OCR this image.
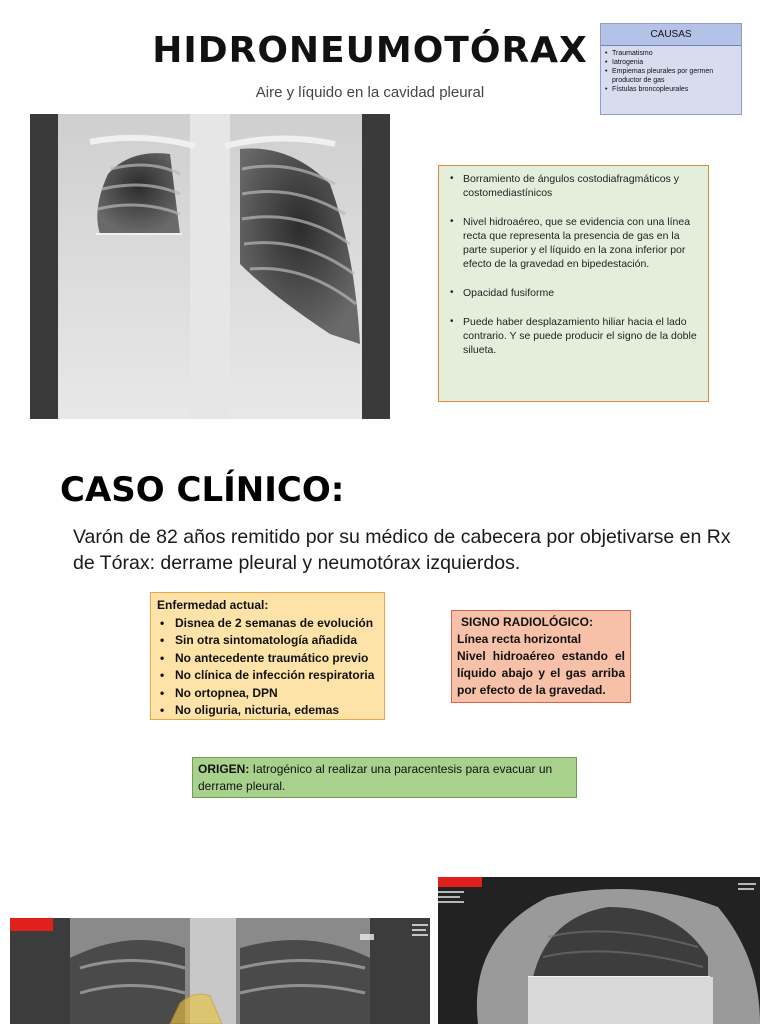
HIDRONEUMOTÓRAX
Aire y líquido en la cavidad pleural
CAUSAS
• Traumatismo
• Iatrogenia
• Empiemas pleurales por germen productor de gas
• Fístulas broncopleurales
• Borramiento de ángulos costodiafragmáticos y costomediastínicos
• Nivel hidroaéreo, que se evidencia con una línea recta que representa la presencia de gas en la parte superior y el líquido en la zona inferior por efecto de la gravedad en bipedestación.
• Opacidad fusiforme
• Puede haber desplazamiento hiliar hacia el lado contrario. Y se puede producir el signo de la doble silueta.
CASO CLÍNICO:
Varón de 82 años remitido por su médico de cabecera por objetivarse en Rx de Tórax: derrame pleural y neumotórax izquierdos.
Enfermedad actual:
• Disnea de 2 semanas de evolución
• Sin otra sintomatología añadida
• No antecedente traumático previo
• No clínica de infección respiratoria
• No ortopnea, DPN
• No oliguria, nicturia, edemas
SIGNO RADIOLÓGICO:
Línea recta horizontal
Nivel hidroaéreo estando el líquido abajo y el gas arriba por efecto de la gravedad.
ORIGEN: Iatrogénico al realizar una paracentesis para evacuar un derrame pleural.
